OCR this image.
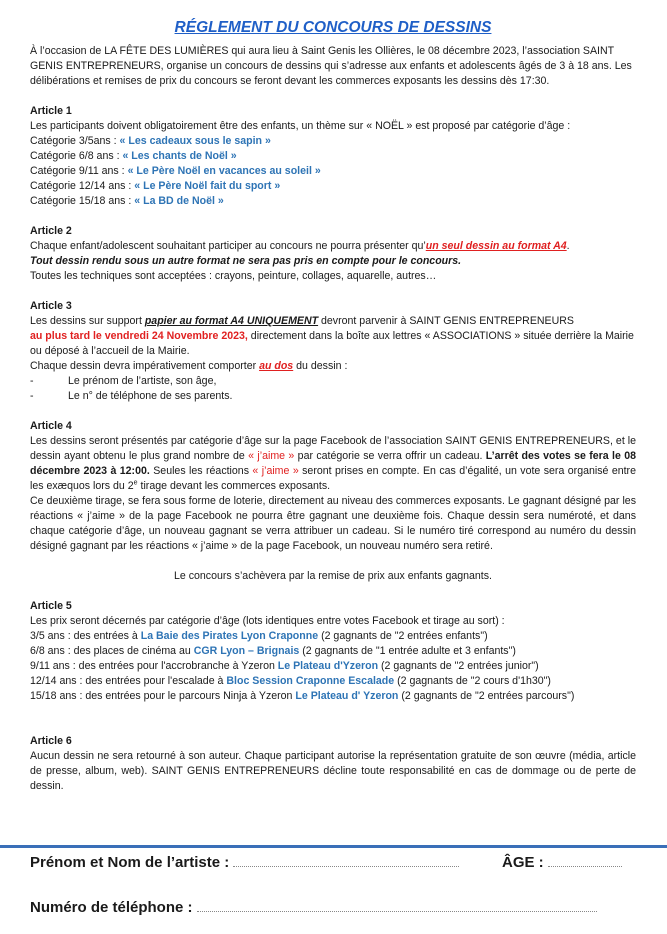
RÉGLEMENT DU CONCOURS DE DESSINS

À l’occasion de LA FÊTE DES LUMIÈRES qui aura lieu à Saint Genis les Ollières, le 08 décembre 2023, l’association SAINT GENIS ENTREPRENEURS, organise un concours de dessins qui s’adresse aux enfants et adolescents âgés de 3 à 18 ans. Les délibérations et remises de prix du concours se feront devant les commerces exposants les dessins dès 17:30.

Article 1

Les participants doivent obligatoirement être des enfants, un thème sur « NOËL » est proposé par catégorie d’âge :

Catégorie 3/5ans : « Les cadeaux sous le sapin »

Catégorie 6/8 ans : « Les chants de Noël »

Catégorie 9/11 ans : « Le Père Noël en vacances au soleil »

Catégorie 12/14 ans : « Le Père Noël fait du sport »

Catégorie 15/18 ans : « La BD de Noël »

Article 2

Chaque enfant/adolescent souhaitant participer au concours ne pourra présenter qu’un seul dessin au format A4.

Tout dessin rendu sous un autre format ne sera pas pris en compte pour le concours.

Toutes les techniques sont acceptées : crayons, peinture, collages, aquarelle, autres…

Article 3

Les dessins sur support papier au format A4 UNIQUEMENT devront parvenir à SAINT GENIS ENTREPRENEURS

au plus tard le vendredi 24 Novembre 2023, directement dans la boîte aux lettres « ASSOCIATIONS » située derrière la Mairie ou déposé à l’accueil de la Mairie.

Chaque dessin devra impérativement comporter au dos du dessin :

-	Le prénom de l’artiste, son âge,
-	Le n° de téléphone de ses parents.
Article 4

Les dessins seront présentés par catégorie d’âge sur la page Facebook de l’association SAINT GENIS ENTREPRENEURS, et le dessin ayant obtenu le plus grand nombre de « j’aime » par catégorie se verra offrir un cadeau. L’arrêt des votes se fera le 08 décembre 2023 à 12:00. Seules les réactions « j’aime » seront prises en compte. En cas d’égalité, un vote sera organisé entre les exæquos lors du 2e tirage devant les commerces exposants.

Ce deuxième tirage, se fera sous forme de loterie, directement au niveau des commerces exposants. Le gagnant désigné par les réactions « j’aime » de la page Facebook ne pourra être gagnant une deuxième fois. Chaque dessin sera numéroté, et dans chaque catégorie d’âge, un nouveau gagnant se verra attribuer un cadeau. Si le numéro tiré correspond au numéro du dessin désigné gagnant par les réactions « j’aime » de la page Facebook, un nouveau numéro sera retiré.

Le concours s’achèvera par la remise de prix aux enfants gagnants.

Article 5

Les prix seront décernés par catégorie d’âge (lots identiques entre votes Facebook et tirage au sort) :

3/5 ans : des entrées à La Baie des Pirates Lyon Craponne (2 gagnants de "2 entrées enfants")

6/8 ans : des places de cinéma au CGR Lyon – Brignais (2 gagnants de "1 entrée adulte et 3 enfants")

9/11 ans : des entrées pour l'accrobranche à Yzeron Le Plateau d'Yzeron (2 gagnants de "2 entrées junior")

12/14 ans : des entrées pour l'escalade à Bloc Session Craponne Escalade (2 gagnants de "2 cours d'1h30")

15/18 ans : des entrées pour le parcours Ninja à Yzeron Le Plateau d' Yzeron (2 gagnants de "2 entrées parcours")

Article 6

Aucun dessin ne sera retourné à son auteur. Chaque participant autorise la représentation gratuite de son œuvre (média, article de presse, album, web). SAINT GENIS ENTREPRENEURS décline toute responsabilité en cas de dommage ou de perte de dessin.

Prénom et Nom de l’artiste :	ÂGE :
Numéro de téléphone :
